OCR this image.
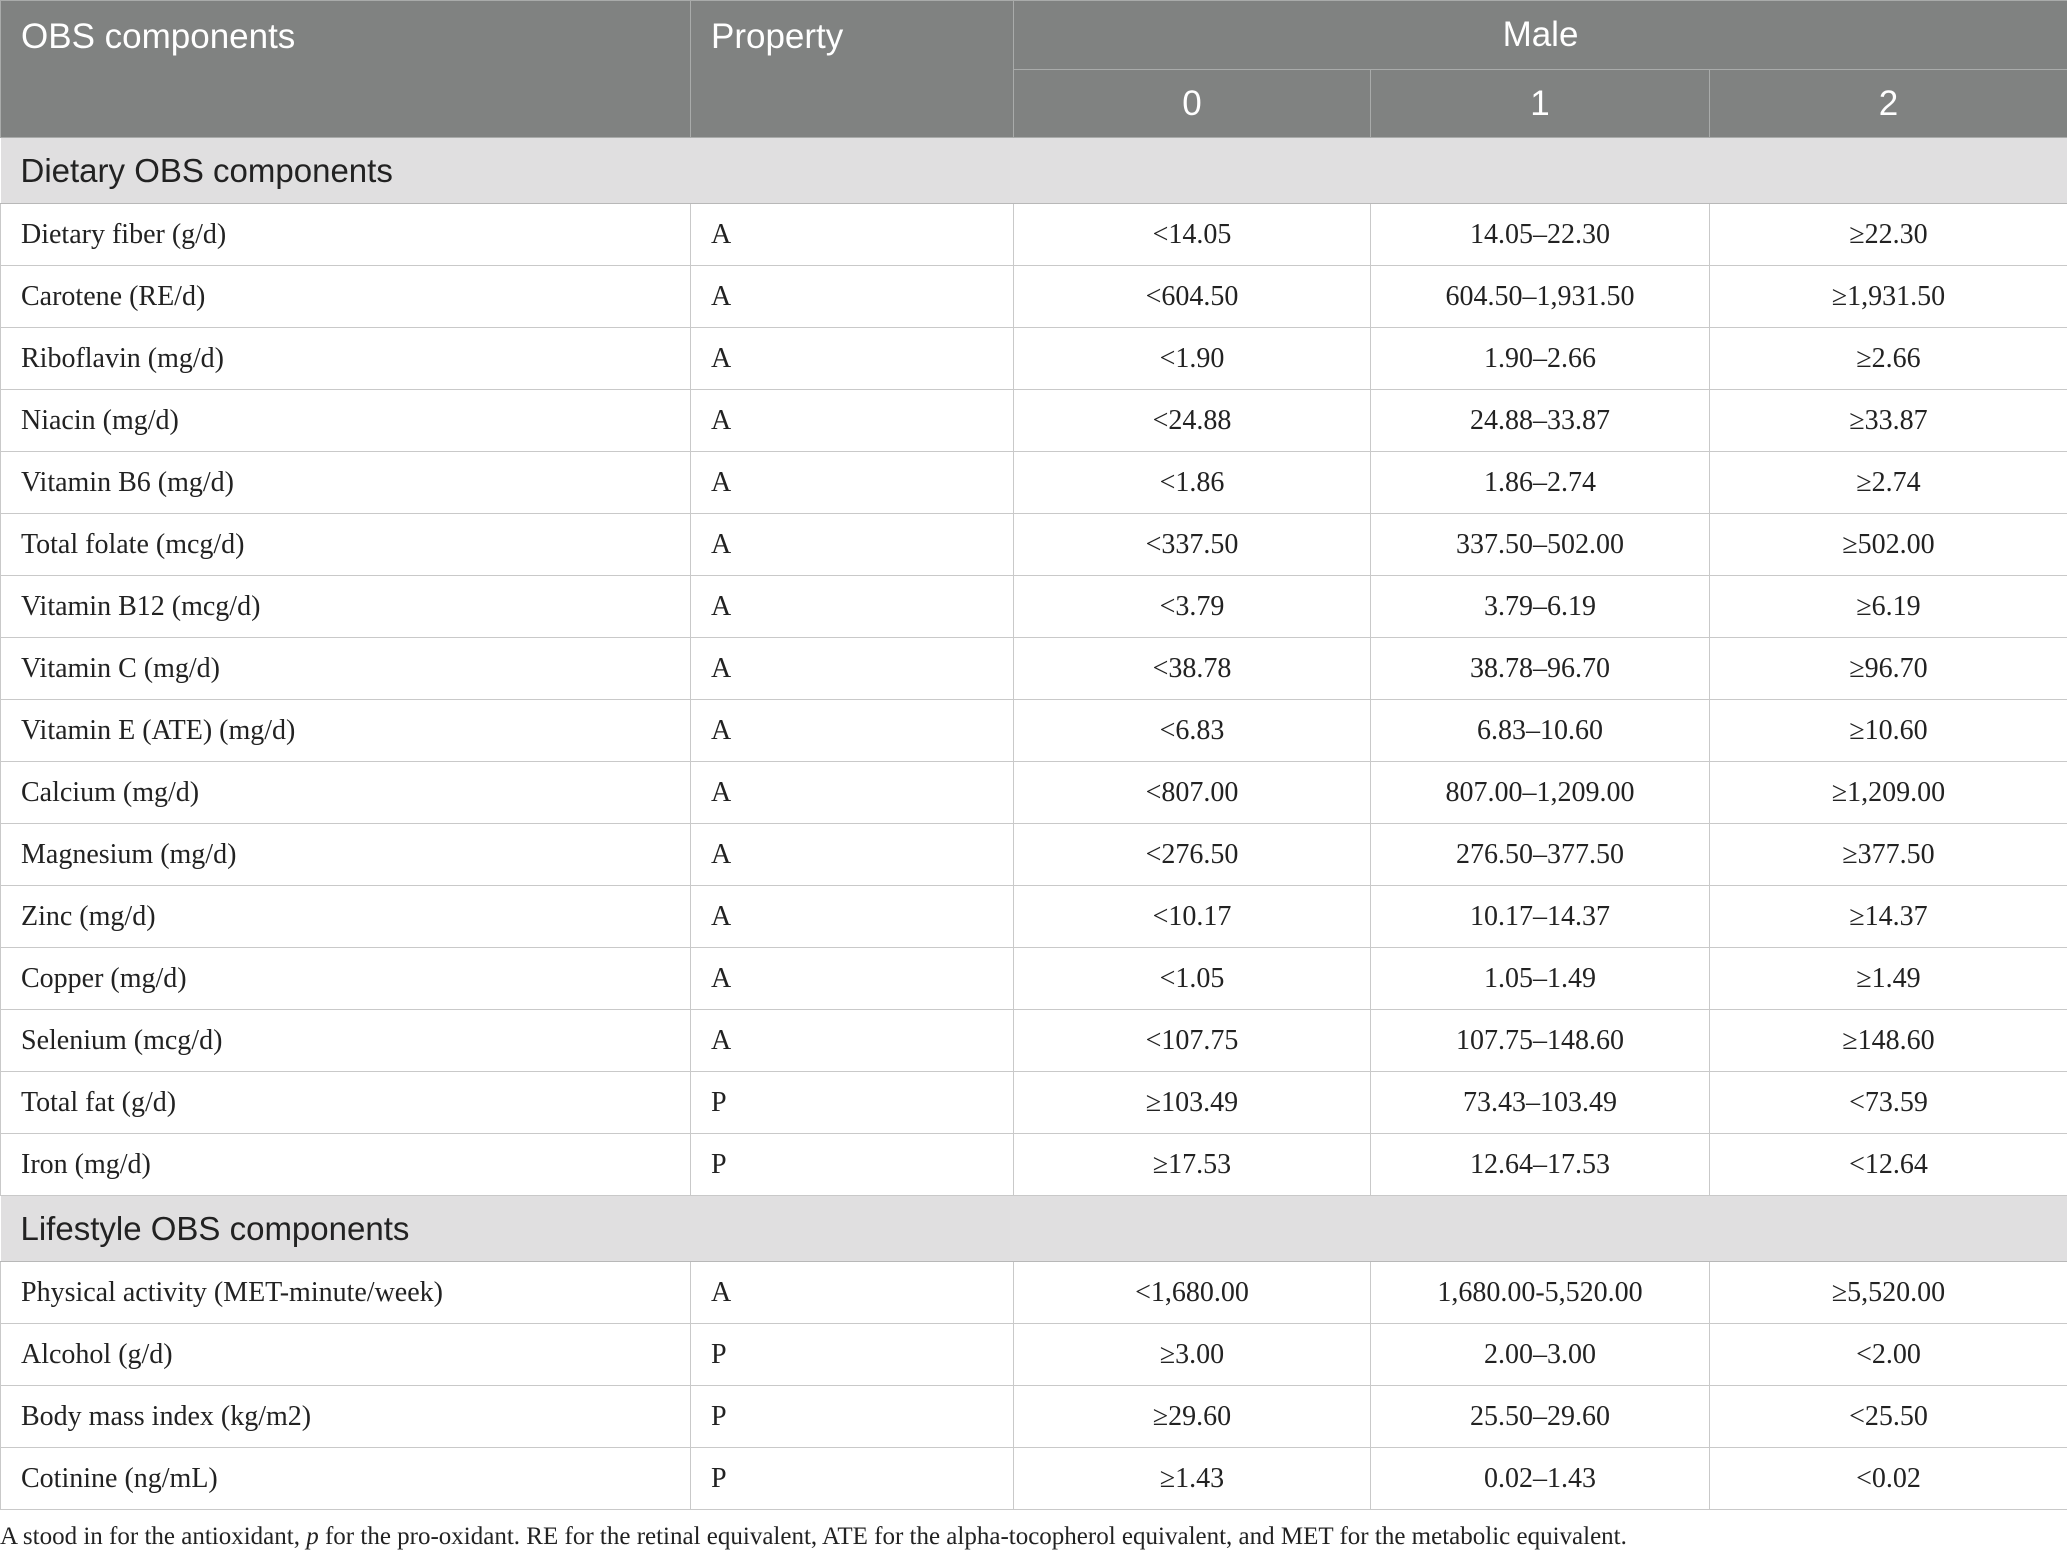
OBS components	Property	Male		
		0	1	2
Dietary OBS components				
Dietary fiber (g/d)	A	<14.05	14.05–22.30	≥22.30
Carotene (RE/d)	A	<604.50	604.50–1,931.50	≥1,931.50
Riboflavin (mg/d)	A	<1.90	1.90–2.66	≥2.66
Niacin (mg/d)	A	<24.88	24.88–33.87	≥33.87
Vitamin B6 (mg/d)	A	<1.86	1.86–2.74	≥2.74
Total folate (mcg/d)	A	<337.50	337.50–502.00	≥502.00
Vitamin B12 (mcg/d)	A	<3.79	3.79–6.19	≥6.19
Vitamin C (mg/d)	A	<38.78	38.78–96.70	≥96.70
Vitamin E (ATE) (mg/d)	A	<6.83	6.83–10.60	≥10.60
Calcium (mg/d)	A	<807.00	807.00–1,209.00	≥1,209.00
Magnesium (mg/d)	A	<276.50	276.50–377.50	≥377.50
Zinc (mg/d)	A	<10.17	10.17–14.37	≥14.37
Copper (mg/d)	A	<1.05	1.05–1.49	≥1.49
Selenium (mcg/d)	A	<107.75	107.75–148.60	≥148.60
Total fat (g/d)	P	≥103.49	73.43–103.49	<73.59
Iron (mg/d)	P	≥17.53	12.64–17.53	<12.64
Lifestyle OBS components				
Physical activity (MET-minute/week)	A	<1,680.00	1,680.00-5,520.00	≥5,520.00
Alcohol (g/d)	P	≥3.00	2.00–3.00	<2.00
Body mass index (kg/m2)	P	≥29.60	25.50–29.60	<25.50
Cotinine (ng/mL)	P	≥1.43	0.02–1.43	<0.02
A stood in for the antioxidant, p for the pro-oxidant. RE for the retinal equivalent, ATE for the alpha-tocopherol equivalent, and MET for the metabolic equivalent.
